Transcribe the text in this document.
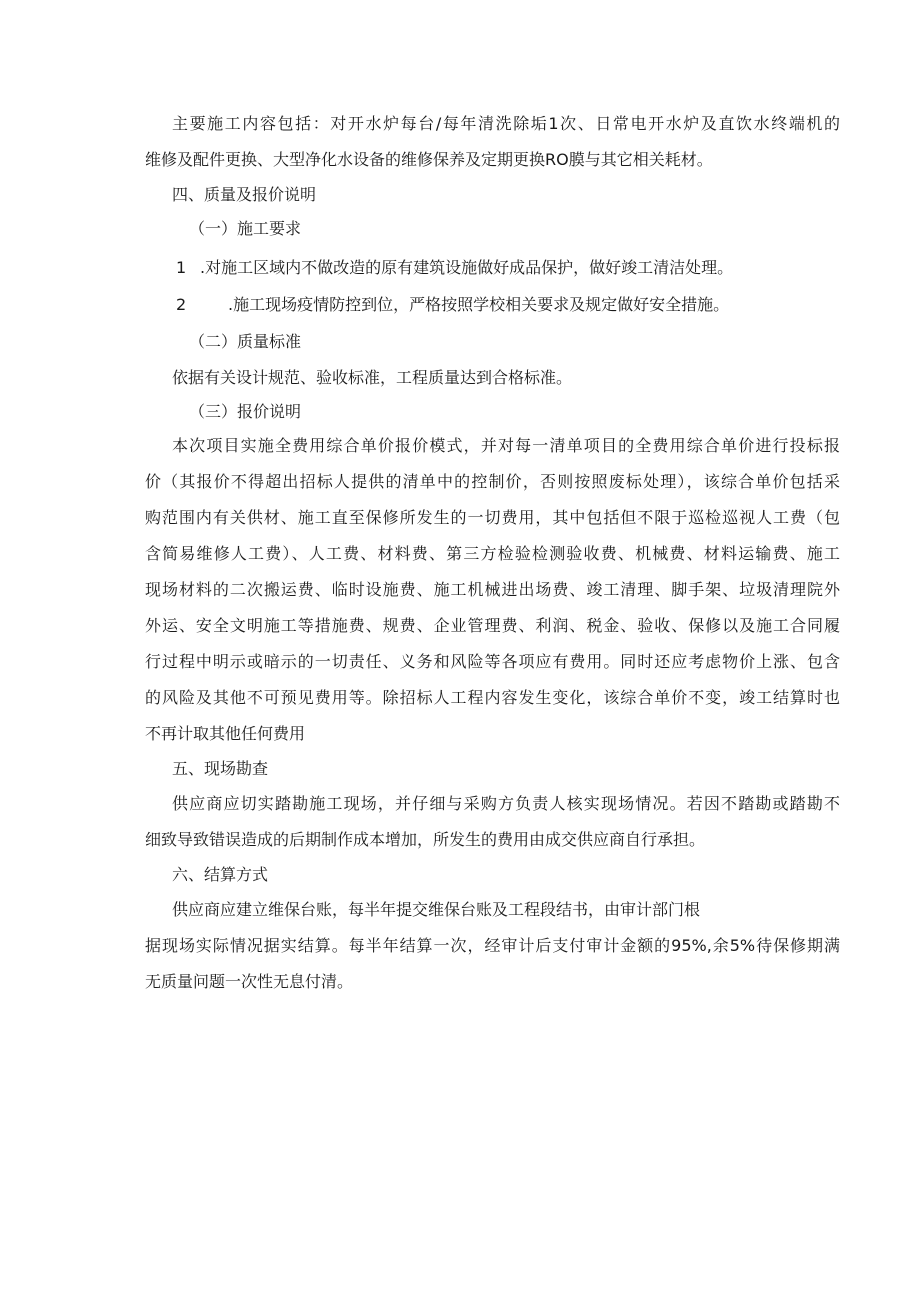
主要施工内容包括：对开水炉每台/每年清洗除垢1次、日常电开水炉及直饮水终端机的
维修及配件更换、大型净化水设备的维修保养及定期更换RO膜与其它相关耗材。
四、质量及报价说明
（一）施工要求
1 .对施工区域内不做改造的原有建筑设施做好成品保护，做好竣工清洁处理。
2	.施工现场疫情防控到位，严格按照学校相关要求及规定做好安全措施。
（二）质量标准
依据有关设计规范、验收标准，工程质量达到合格标准。
（三）报价说明
本次项目实施全费用综合单价报价模式，并对每一清单项目的全费用综合单价进行投标报
价（其报价不得超出招标人提供的清单中的控制价，否则按照废标处理），该综合单价包括采
购范围内有关供材、施工直至保修所发生的一切费用，其中包括但不限于巡检巡视人工费（包
含简易维修人工费）、人工费、材料费、第三方检验检测验收费、机械费、材料运输费、施工
现场材料的二次搬运费、临时设施费、施工机械进出场费、竣工清理、脚手架、垃圾清理院外
外运、安全文明施工等措施费、规费、企业管理费、利润、税金、验收、保修以及施工合同履
行过程中明示或暗示的一切责任、义务和风险等各项应有费用。同时还应考虑物价上涨、包含
的风险及其他不可预见费用等。除招标人工程内容发生变化，该综合单价不变，竣工结算时也
不再计取其他任何费用
五、现场勘查
供应商应切实踏勘施工现场，并仔细与采购方负责人核实现场情况。若因不踏勘或踏勘不
细致导致错误造成的后期制作成本增加，所发生的费用由成交供应商自行承担。
六、结算方式
供应商应建立维保台账，每半年提交维保台账及工程段结书，由审计部门根
据现场实际情况据实结算。每半年结算一次，经审计后支付审计金额的95%,余5%待保修期满
无质量问题一次性无息付清。
